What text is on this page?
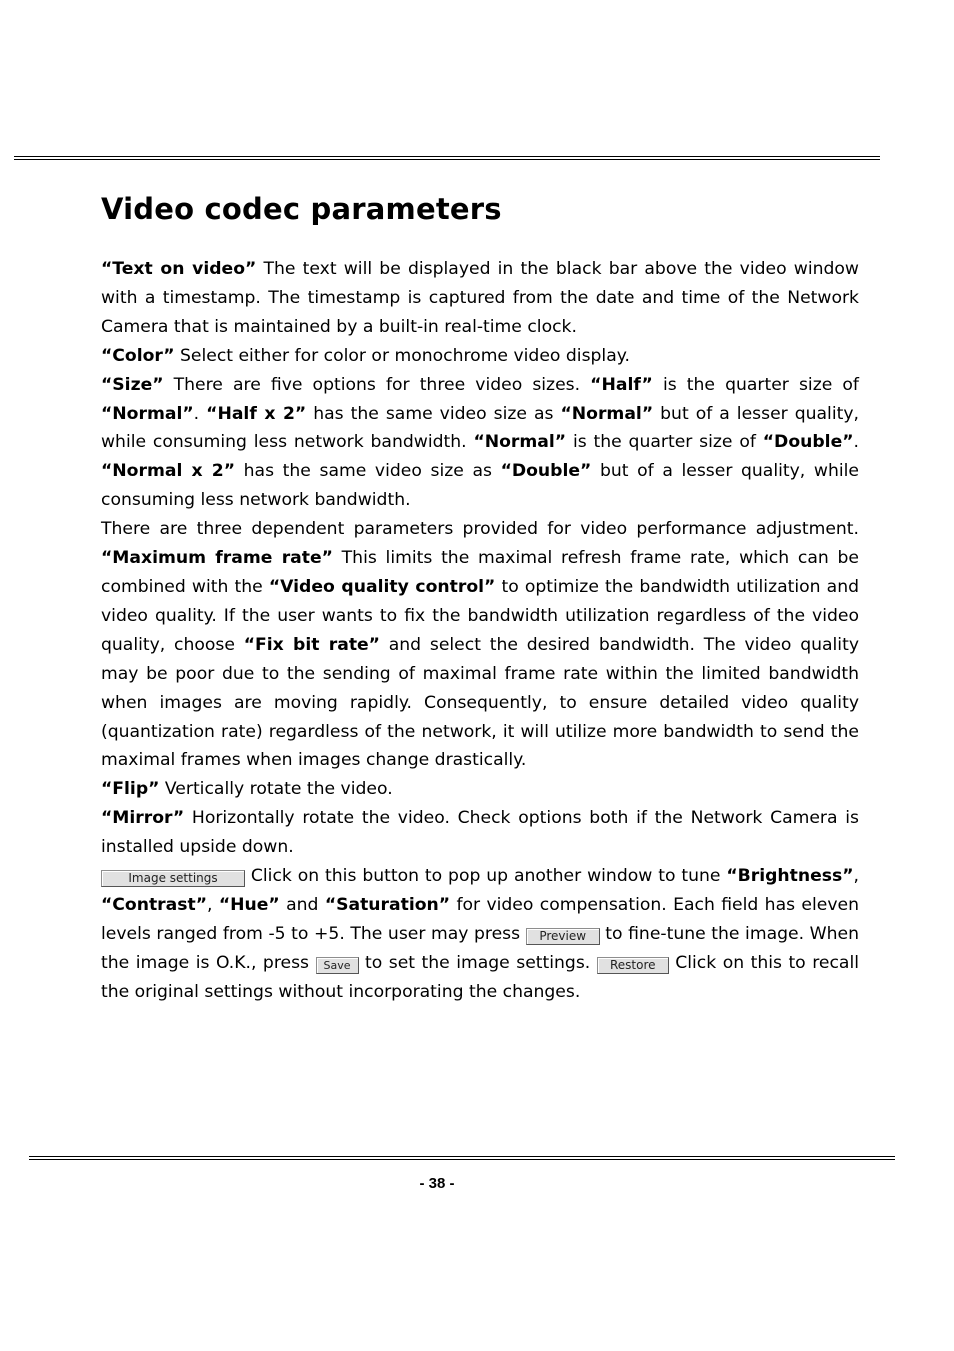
Video codec parameters

“Text on video” The text will be displayed in the black bar above the video window with a timestamp. The timestamp is captured from the date and time of the Network Camera that is maintained by a built-in real-time clock.

“Color” Select either for color or monochrome video display.

“Size” There are five options for three video sizes. “Half” is the quarter size of “Normal”. “Half x 2” has the same video size as “Normal” but of a lesser quality, while consuming less network bandwidth. “Normal” is the quarter size of “Double”. “Normal x 2” has the same video size as “Double” but of a lesser quality, while consuming less network bandwidth.

There are three dependent parameters provided for video performance adjustment. “Maximum frame rate” This limits the maximal refresh frame rate, which can be combined with the “Video quality control” to optimize the bandwidth utilization and video quality. If the user wants to fix the bandwidth utilization regardless of the video quality, choose “Fix bit rate” and select the desired bandwidth. The video quality may be poor due to the sending of maximal frame rate within the limited bandwidth when images are moving rapidly. Consequently, to ensure detailed video quality (quantization rate) regardless of the network, it will utilize more bandwidth to send the maximal frames when images change drastically.

“Flip” Vertically rotate the video.

“Mirror” Horizontally rotate the video. Check options both if the Network Camera is installed upside down.

Image settings Click on this button to pop up another window to tune “Brightness”, “Contrast”, “Hue” and “Saturation” for video compensation. Each field has eleven levels ranged from -5 to +5. The user may press Preview to fine-tune the image. When the image is O.K., press Save to set the image settings. Restore Click on this to recall the original settings without incorporating the changes.

- 38 -
